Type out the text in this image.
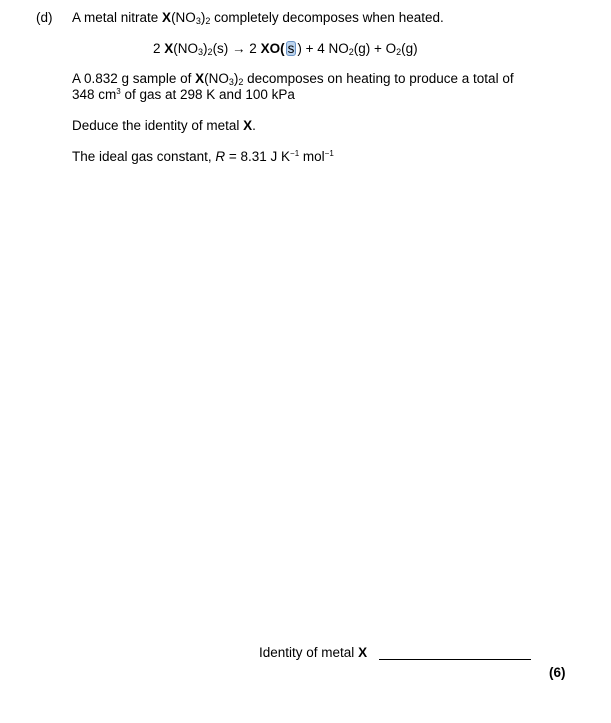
(d) A metal nitrate $X(NO_3)_2$ completely decomposes when heated.
2 $X(NO_3)_2(s) \to 2$ XO( s ) + 4 $NO_2(g) + O_2(g)$
A 0.832 g sample of $X(NO_3)_2$ decomposes on heating to produce a total of
348 $cm^3$ of gas at 298 K and 100 kPa
Deduce the identity of metal X.
The ideal gas constant, R = 8.31 J $K^{-1}$ mol$^{-1}$
Identity of metal X
(6)
